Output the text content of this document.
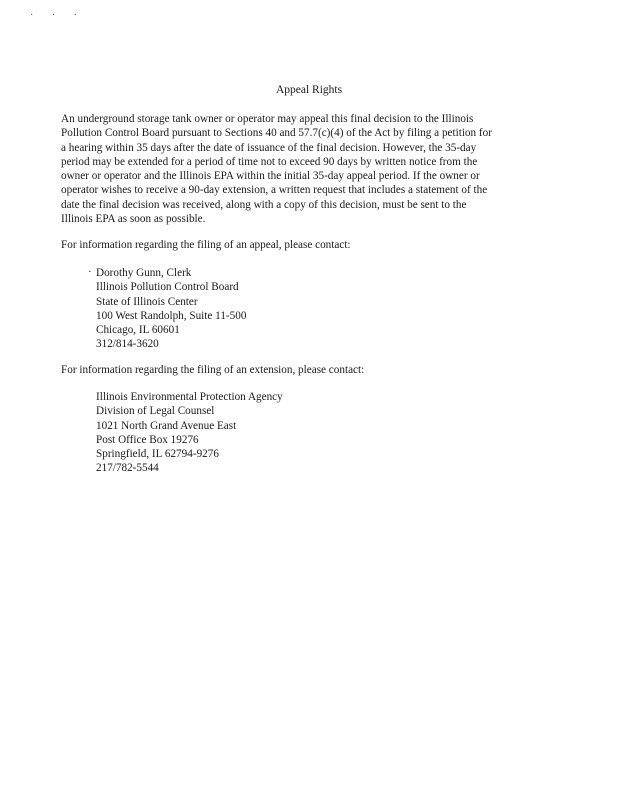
· · ·
Appeal Rights
An underground storage tank owner or operator may appeal this final decision to the Illinois
Pollution Control Board pursuant to Sections 40 and 57.7(c)(4) of the Act by filing a petition for
a hearing within 35 days after the date of issuance of the final decision. However, the 35-day
period may be extended for a period of time not to exceed 90 days by written notice from the
owner or operator and the Illinois EPA within the initial 35-day appeal period. If the owner or
operator wishes to receive a 90-day extension, a written request that includes a statement of the
date the final decision was received, along with a copy of this decision, must be sent to the
Illinois EPA as soon as possible.
For information regarding the filing of an appeal, please contact:
· Dorothy Gunn, Clerk
Illinois Pollution Control Board
State of Illinois Center
100 West Randolph, Suite 11-500
Chicago, IL 60601
312/814-3620
For information regarding the filing of an extension, please contact:
Illinois Environmental Protection Agency
Division of Legal Counsel
1021 North Grand Avenue East
Post Office Box 19276
Springfield, IL 62794-9276
217/782-5544
